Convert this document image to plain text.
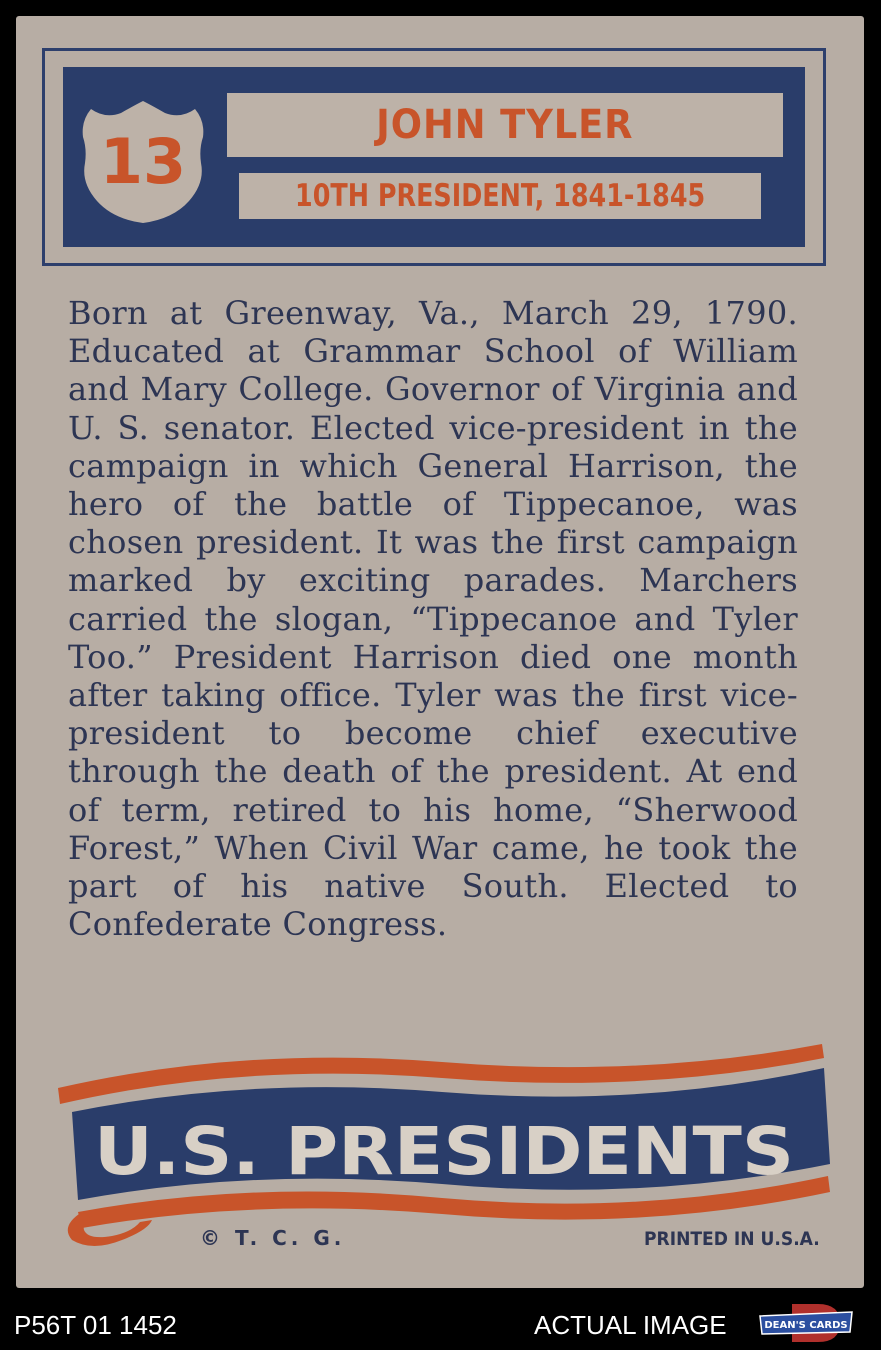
13	JOHN TYLER
10TH PRESIDENT, 1841-1845
Born at Greenway, Va., March 29, 1790. Educated at Grammar School of William and Mary College. Governor of Virginia and U. S. senator. Elected vice-president in the campaign in which General Harrison, the hero of the battle of Tippecanoe, was chosen president. It was the first campaign marked by exciting parades. Marchers carried the slogan, “Tippecanoe and Tyler Too.” President Harrison died one month after taking office. Tyler was the first vice-president to become chief executive through the death of the president. At end of term, retired to his home, “Sherwood Forest,” When Civil War came, he took the part of his native South. Elected to Confederate Congress.
U.S. PRESIDENTS
© T. C. G.	PRINTED IN U.S.A.
P56T 01 1452	ACTUAL IMAGE	DEAN'S CARDS
